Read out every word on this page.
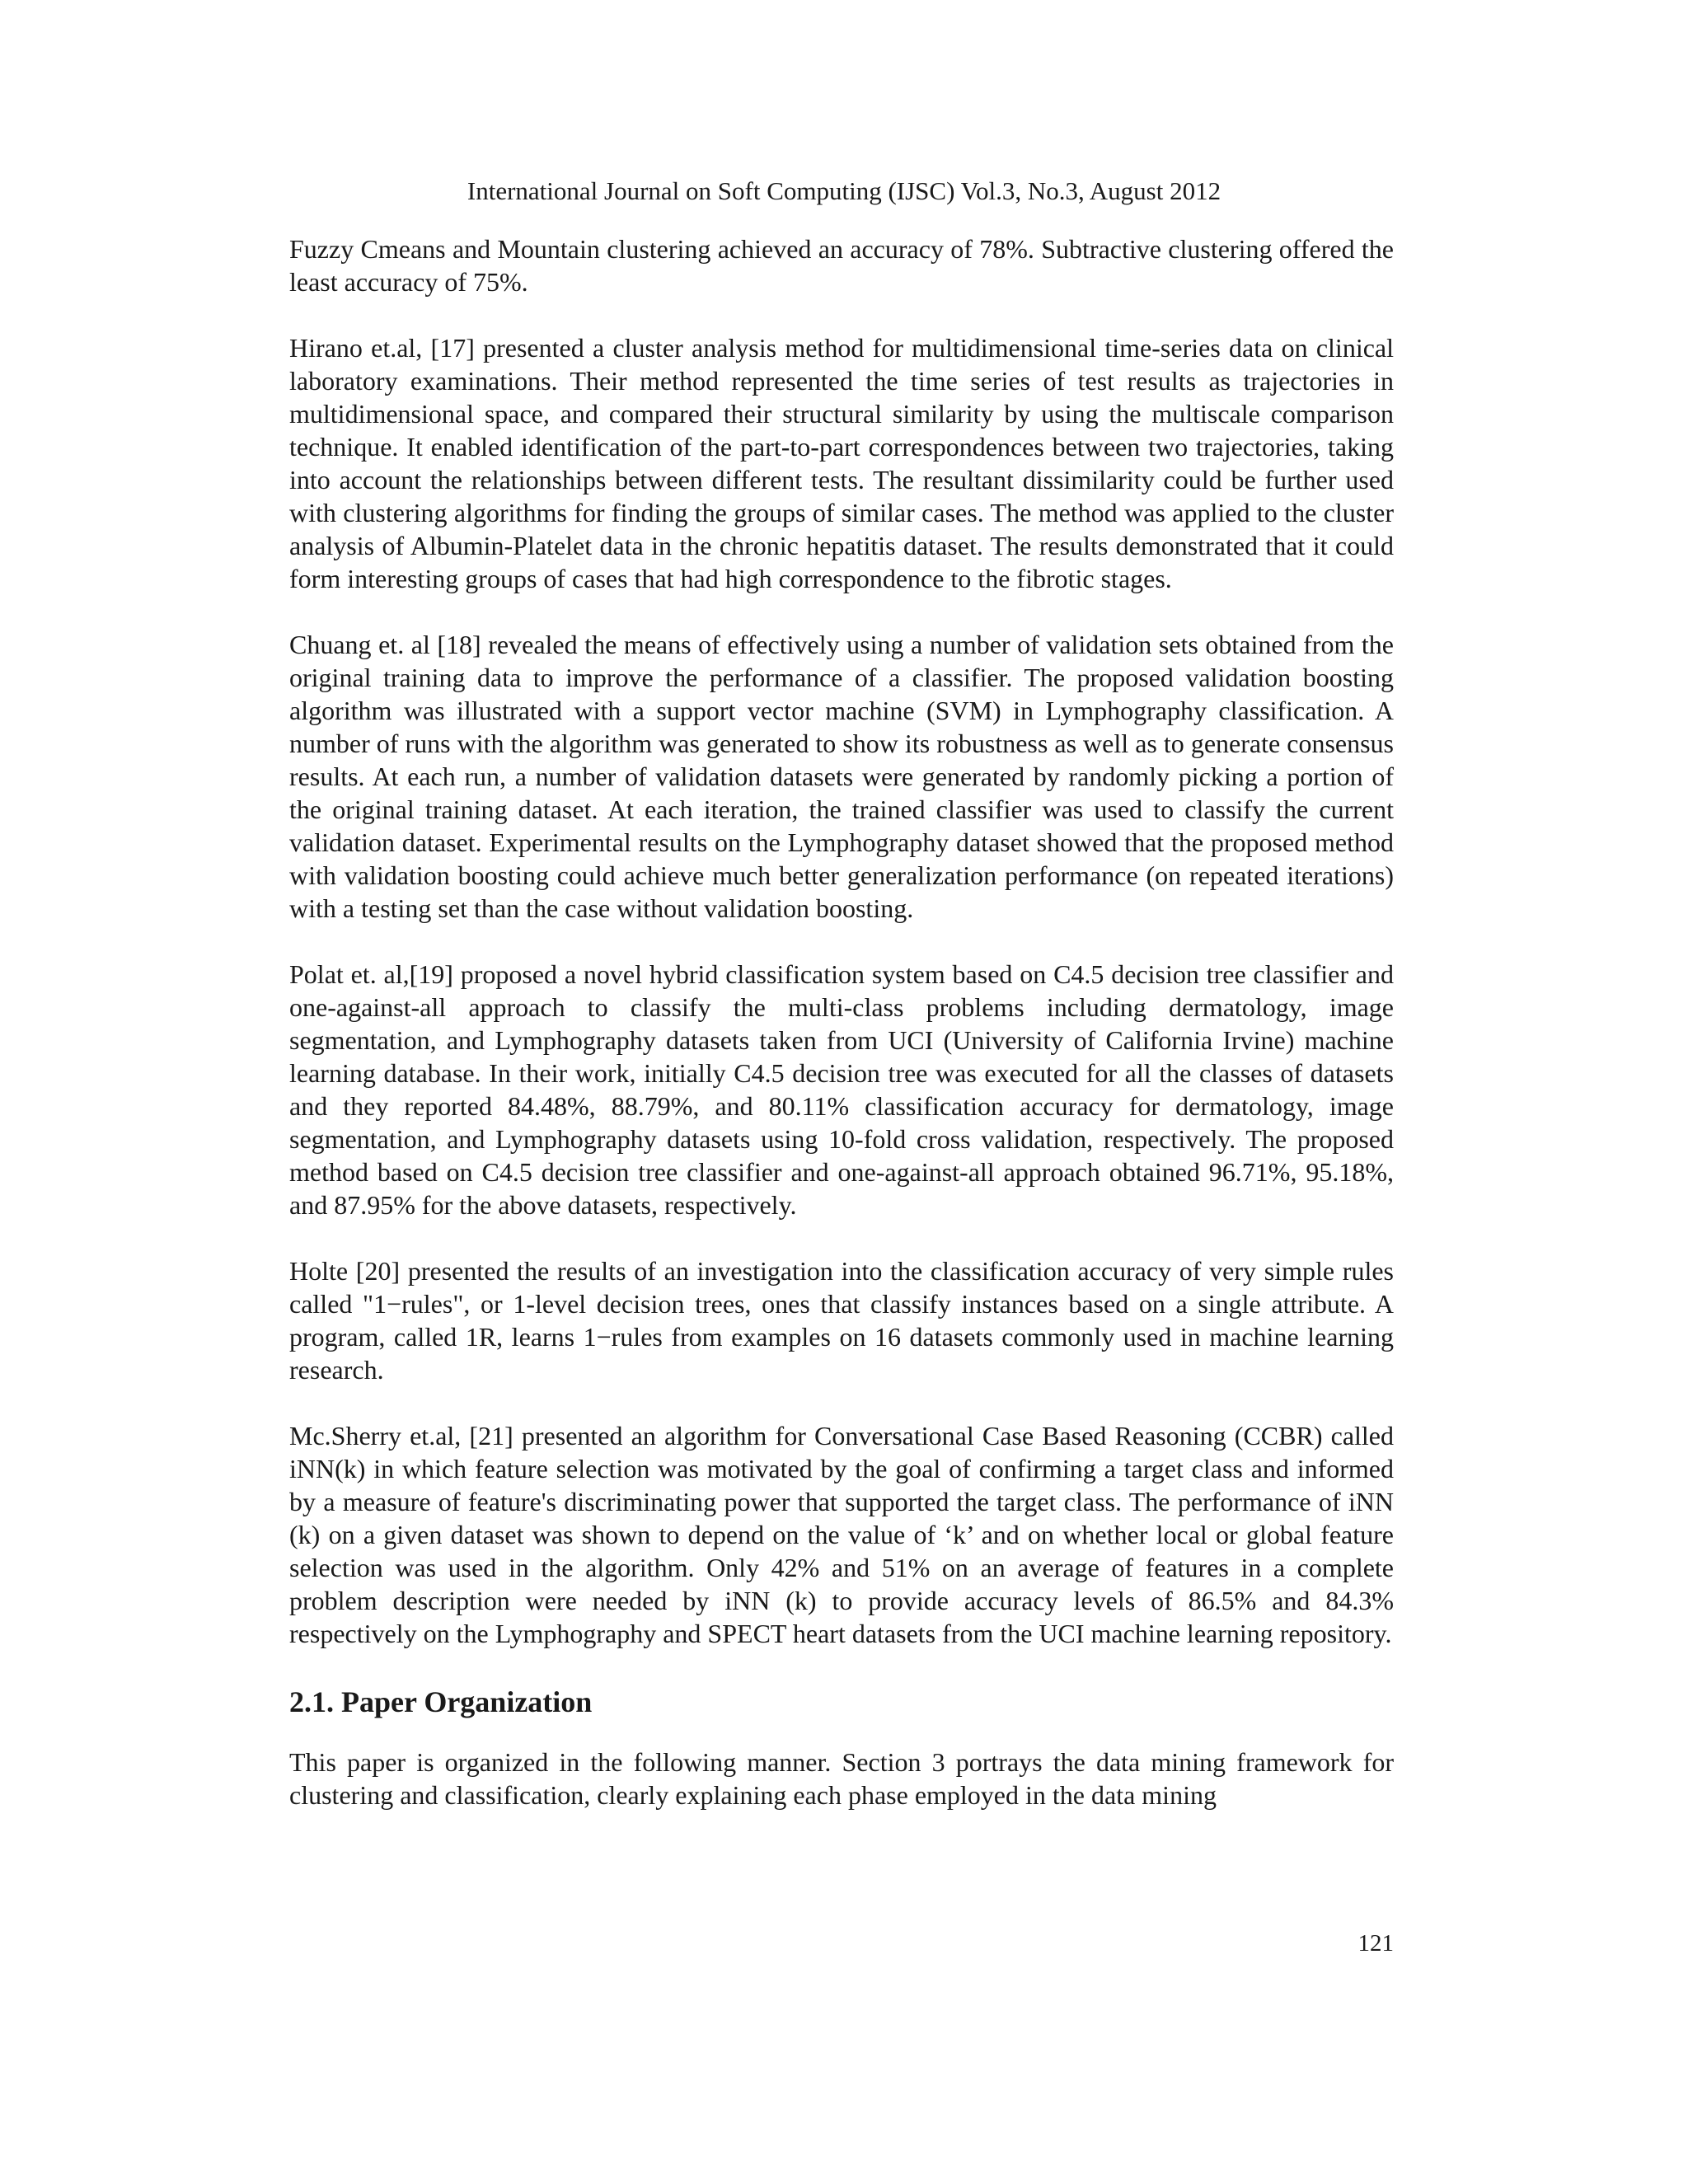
International Journal on Soft Computing (IJSC) Vol.3, No.3, August 2012

Fuzzy Cmeans and Mountain clustering achieved an accuracy of 78%. Subtractive clustering offered the least accuracy of 75%.

Hirano et.al, [17] presented a cluster analysis method for multidimensional time-series data on clinical laboratory examinations. Their method represented the time series of test results as trajectories in multidimensional space, and compared their structural similarity by using the multiscale comparison technique. It enabled identification of the part-to-part correspondences between two trajectories, taking into account the relationships between different tests. The resultant dissimilarity could be further used with clustering algorithms for finding the groups of similar cases. The method was applied to the cluster analysis of Albumin-Platelet data in the chronic hepatitis dataset. The results demonstrated that it could form interesting groups of cases that had high correspondence to the fibrotic stages.

Chuang et. al [18] revealed the means of effectively using a number of validation sets obtained from the original training data to improve the performance of a classifier. The proposed validation boosting algorithm was illustrated with a support vector machine (SVM) in Lymphography classification. A number of runs with the algorithm was generated to show its robustness as well as to generate consensus results. At each run, a number of validation datasets were generated by randomly picking a portion of the original training dataset. At each iteration, the trained classifier was used to classify the current validation dataset. Experimental results on the Lymphography dataset showed that the proposed method with validation boosting could achieve much better generalization performance (on repeated iterations) with a testing set than the case without validation boosting.

Polat et. al,[19] proposed a novel hybrid classification system based on C4.5 decision tree classifier and one-against-all approach to classify the multi-class problems including dermatology, image segmentation, and Lymphography datasets taken from UCI (University of California Irvine) machine learning database. In their work, initially C4.5 decision tree was executed for all the classes of datasets and they reported 84.48%, 88.79%, and 80.11% classification accuracy for dermatology, image segmentation, and Lymphography datasets using 10-fold cross validation, respectively. The proposed method based on C4.5 decision tree classifier and one-against-all approach obtained 96.71%, 95.18%, and 87.95% for the above datasets, respectively.

Holte [20] presented the results of an investigation into the classification accuracy of very simple rules called "1−rules", or 1-level decision trees, ones that classify instances based on a single attribute. A program, called 1R, learns 1−rules from examples on 16 datasets commonly used in machine learning research.

Mc.Sherry et.al, [21] presented an algorithm for Conversational Case Based Reasoning (CCBR) called iNN(k) in which feature selection was motivated by the goal of confirming a target class and informed by a measure of feature's discriminating power that supported the target class. The performance of iNN (k) on a given dataset was shown to depend on the value of ‘k’ and on whether local or global feature selection was used in the algorithm. Only 42% and 51% on an average of features in a complete problem description were needed by iNN (k) to provide accuracy levels of 86.5% and 84.3% respectively on the Lymphography and SPECT heart datasets from the UCI machine learning repository.

2.1. Paper Organization

This paper is organized in the following manner. Section 3 portrays the data mining framework for clustering and classification, clearly explaining each phase employed in the data mining

121
